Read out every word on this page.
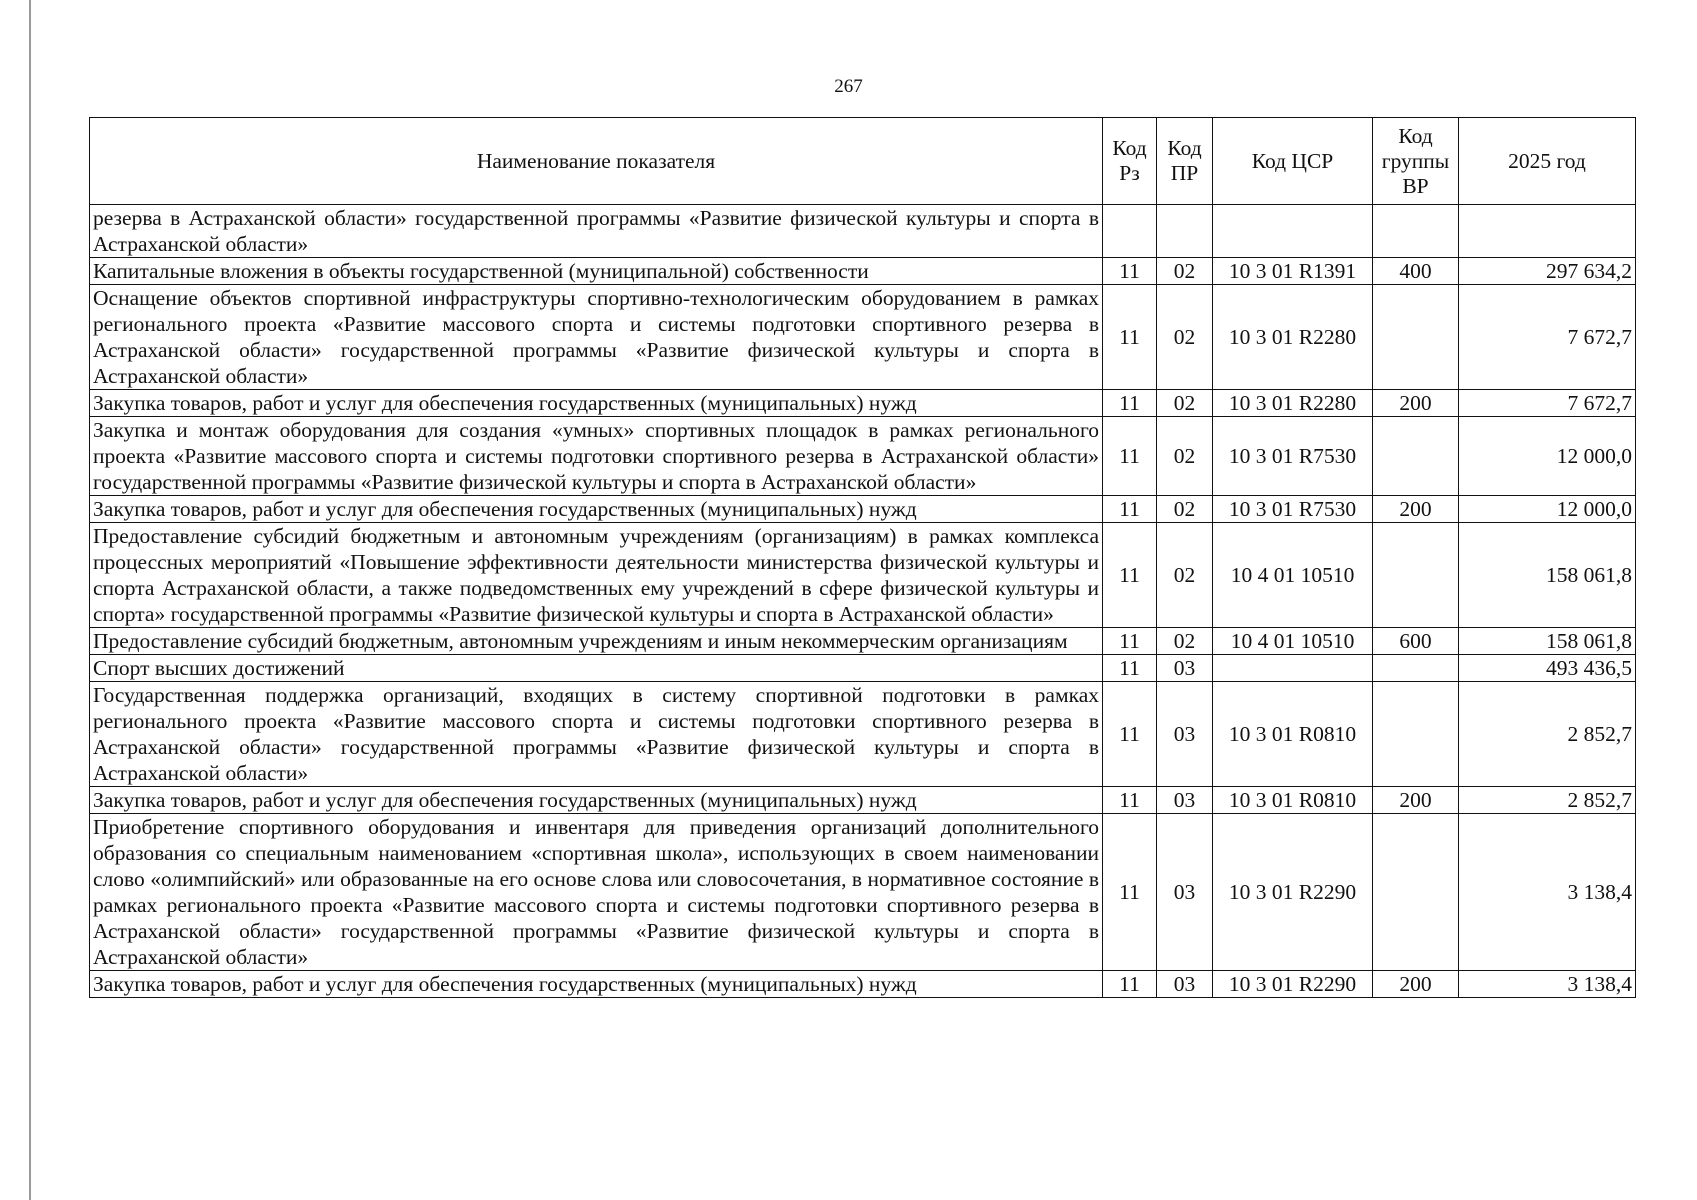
267
Наименование показателя	Код Рз	Код ПР	Код ЦСР	Код группы ВР	2025 год
резерва в Астраханской области» государственной программы «Развитие физической культуры и спорта в Астраханской области»					
Капитальные вложения в объекты государственной (муниципальной) собственности	11	02	10 3 01 R1391	400	297 634,2
Оснащение объектов спортивной инфраструктуры спортивно-технологическим оборудованием в рамках регионального проекта «Развитие массового спорта и системы подготовки спортивного резерва в Астраханской области» государственной программы «Развитие физической культуры и спорта в Астраханской области»	11	02	10 3 01 R2280		7 672,7
Закупка товаров, работ и услуг для обеспечения государственных (муниципальных) нужд	11	02	10 3 01 R2280	200	7 672,7
Закупка и монтаж оборудования для создания «умных» спортивных площадок в рамках регионального проекта «Развитие массового спорта и системы подготовки спортивного резерва в Астраханской области» государственной программы «Развитие физической культуры и спорта в Астраханской области»	11	02	10 3 01 R7530		12 000,0
Закупка товаров, работ и услуг для обеспечения государственных (муниципальных) нужд	11	02	10 3 01 R7530	200	12 000,0
Предоставление субсидий бюджетным и автономным учреждениям (организациям) в рамках комплекса процессных мероприятий «Повышение эффективности деятельности министерства физической культуры и спорта Астраханской области, а также подведомственных ему учреждений в сфере физической культуры и спорта» государственной программы «Развитие физической культуры и спорта в Астраханской области»	11	02	10 4 01 10510		158 061,8
Предоставление субсидий бюджетным, автономным учреждениям и иным некоммерческим организациям	11	02	10 4 01 10510	600	158 061,8
Спорт высших достижений	11	03			493 436,5
Государственная поддержка организаций, входящих в систему спортивной подготовки в рамках регионального проекта «Развитие массового спорта и системы подготовки спортивного резерва в Астраханской области» государственной программы «Развитие физической культуры и спорта в Астраханской области»	11	03	10 3 01 R0810		2 852,7
Закупка товаров, работ и услуг для обеспечения государственных (муниципальных) нужд	11	03	10 3 01 R0810	200	2 852,7
Приобретение спортивного оборудования и инвентаря для приведения организаций дополнительного образования со специальным наименованием «спортивная школа», использующих в своем наименовании слово «олимпийский» или образованные на его основе слова или словосочетания, в нормативное состояние в рамках регионального проекта «Развитие массового спорта и системы подготовки спортивного резерва в Астраханской области» государственной программы «Развитие физической культуры и спорта в Астраханской области»	11	03	10 3 01 R2290		3 138,4
Закупка товаров, работ и услуг для обеспечения государственных (муниципальных) нужд	11	03	10 3 01 R2290	200	3 138,4
